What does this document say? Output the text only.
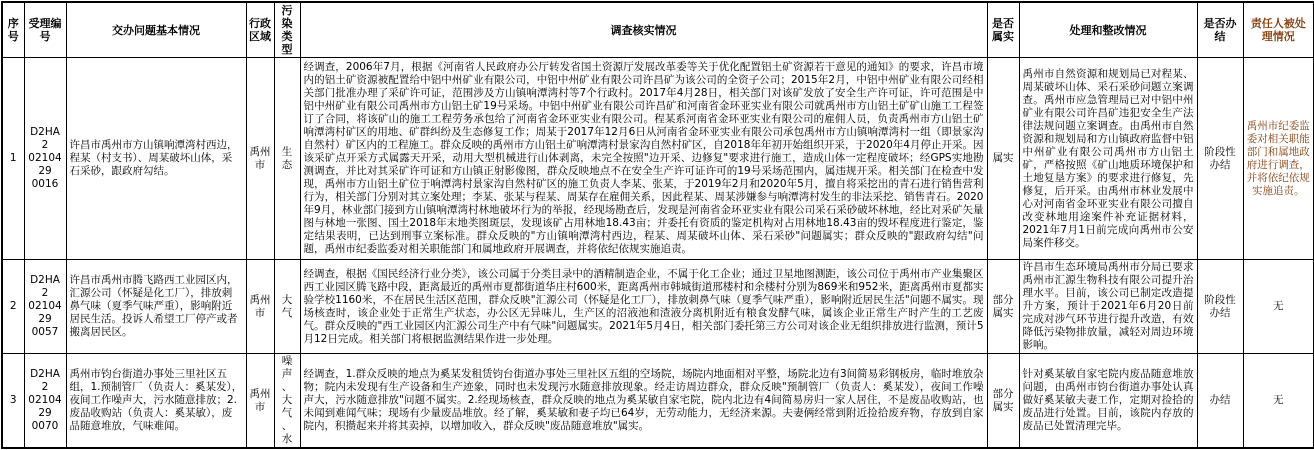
序号	受理编号	交办问题基本情况	行政区域	污染类型	调查核实情况	是否属实	处理和整改情况	是否办结	责任人被处理情况
1	D2HA2 0210429 0016	许昌市禹州市方山镇响潭湾村西边，程某（村支书）、周某破坏山体，采石采砂，跟政府勾结。	禹州市	生态	经调查，2006年7月，根据《河南省人民政府办公厅转发省国土资源厅发展改革委等关于优化配置铝土矿资源若干意见的通知》的要求，许昌市境内的铝土矿资源被配置给中铝中州矿业有限公司，中铝中州矿业有限公司许昌矿为该公司的全资子公司；2015年2月，中铝中州矿业有限公司经相关部门批准办理了采矿许可证，范围涉及方山镇响潭湾村等7个行政村。2017年4月28日，相关部门对该矿发放了安全生产许可证，许可范围是中铝中州矿业有限公司禹州市方山铝土矿19号采场。中铝中州矿业有限公司许昌矿和河南省金环亚实业有限公司就禹州市方山铝土矿矿山施工工程签订了合同，将该矿山的施工工程劳务承包给了河南省金环亚实业有限公司。程某系河南省金环亚实业有限公司的雇佣人员，负责禹州市方山铝土矿响潭湾村矿区的用地、矿群纠纷及生态修复工作；周某于2017年12月6日从河南省金环亚实业有限公司承包禹州市方山镇响潭湾村一组（即景家沟自然村）矿区内的工程施工。群众反映的禹州市方山铝土矿响潭湾村景家沟自然村矿区，自2018年年初开始组织开采，于2020年4月停止开采。因该采矿点开采方式属露天开采，动用大型机械进行山体剥离，未完全按照"边开采、边修复"要求进行施工，造成山体一定程度破坏；经GPS实地勘测调查，并比对其采矿许可证和方山镇正射影像图，群众反映地点不在安全生产许可证许可的19号采场范围内，属违规开采。相关部门在检查中发现，禹州市方山铝土矿位于响潭湾村景家沟自然村矿区的施工负责人李某、张某，于2019年2月和2020年5月，擅自将采挖出的青石进行销售营利行为，相关部门分别对其立案处理；李某、张某与程某、周某存在雇佣关系，因此程某、周某涉嫌参与响潭湾村发生的非法采挖、销售青石。2020年9月，林业部门接到方山镇响潭湾村林地破坏行为的举报，经现场勘查后，发现是河南省金环亚实业有限公司采石采砂破坏林地，经比对采矿矢量图与林地一张图、国土2018年末地类图斑层，发现该矿占用林地18.43亩；并委托有资质的鉴定机构对占用林地18.43亩的毁坏程度进行鉴定，鉴定结果表明，已达到刑事立案标准。群众反映的"方山镇响潭湾村西边，程某、周某破坏山体、采石采砂"问题属实；群众反映的"跟政府勾结"问题，禹州市纪委监委对相关职能部门和属地政府开展调查，并将依纪依规实施追责。	属实	禹州市自然资源和规划局已对程某、周某破坏山体、采石采砂问题立案调查。禹州市应急管理局已对中铝中州矿业有限公司许昌矿违犯安全生产法律法规问题立案调查。由禹州市自然资源和规划局和方山镇政府监督中铝中州矿业有限公司禹州市方山铝土矿，严格按照《矿山地质环境保护和土地复垦方案》的要求进行修复，先修复，后开采。由禹州市林业发展中心对河南省金环亚实业有限公司擅自改变林地用途案件补充证据材料，2021年7月1日前完成向禹州市公安局案件移交。	阶段性办结	禹州市纪委监委对相关职能部门和属地政府进行调查，并将依纪依规实施追责。
2	D2HA2 0210429 0057	许昌市禹州市腾飞路西工业园区内，汇源公司（怀疑是化工厂），排放刺鼻气味（夏季气味严重），影响附近居民生活。投诉人希望工厂停产或者搬离居民区。	禹州市	大气	经调查，根据《国民经济行业分类》，该公司属于分类目录中的酒精制造企业，不属于化工企业；通过卫星地图测距，该公司位于禹州市产业集聚区西工业园区腾飞路中段，距离最近的禹州市夏都街道华庄村600米，距离禹州市韩城街道邢楼村和余楼村分别为869米和952米，距离禹州市夏都实验学校1160米，不在居民生活区范围，群众反映"汇源公司（怀疑是化工厂），排放刺鼻气味（夏季气味严重），影响附近居民生活"问题不属实。现场核查时，该企业处于正常生产状态，办公区无异味儿，生产区的沼液池和渣液分离机附近有粮食发酵气味，属该企业正常生产时产生的工艺废气。群众反映的"西工业园区内汇源公司生产中有气味"问题属实。2021年5月4日，相关部门委托第三方公司对该企业无组织排放进行监测，预计5月12日完成。相关部门将根据监测结果作进一步处理。	部分属实	许昌市生态环境局禹州市分局已要求禹州市汇源生物科技有限公司提升治理水平。目前，该公司已制定改造提升方案，预计于2021年6月20日前完成对涉气环节进行提升改造，有效降低污染物排放量，减轻对周边环境影响。	阶段性办结	无
3	D2HA2 0210429 0070	禹州市钧台街道办事处三里社区五组，1.预制管厂（负责人：奚某发），夜间工作噪声大，污水随意排放；2.废品收购站（负责人：奚某敏），废品随意堆放，气味难闻。	禹州市	噪声、大气、水	经调查，1.群众反映的地点为奚某发租赁钧台街道办事处三里社区五组的空场院，场院内地面相对平整，场院北边有3间简易彩钢板房，临时堆放杂物；院内未发现有生产设备和生产迹象，同时也未发现污水随意排放现象。经走访周边群众，群众反映"预制管厂（负责人：奚某发），夜间工作噪声大，污水随意排放"问题不属实。2.经现场核查，群众反映的地点为奚某敏自家宅院，院内北边有4间简易房归一家人居住，不是废品收购站，也未闻到难闻气味；现场有少量废品堆放。经了解，奚某敏和妻子均已64岁，无劳动能力，无经济来源。夫妻俩经常到附近捡拾废弃物，存放到自家院内，积攒起来并将其卖掉，以增加收入，群众反映"废品随意堆放"属实。	部分属实	针对奚某敏自家宅院内废品随意堆放问题，由禹州市钧台街道办事处认真做好奚某敏夫妻工作，定期对捡拾的废品进行处置。目前，该院内存放的废品已处置清理完毕。	办结	无
